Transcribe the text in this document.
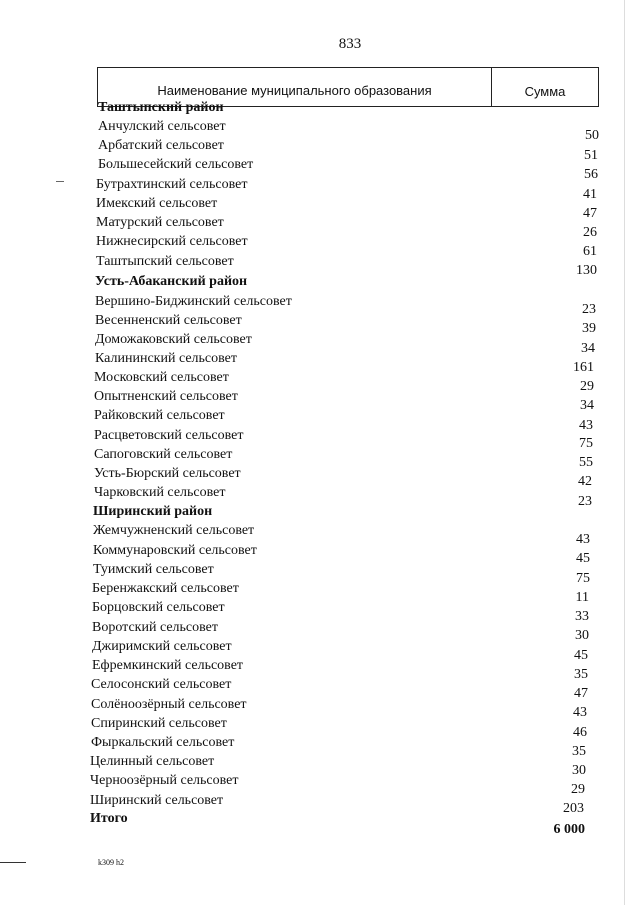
833
Наименование муниципального образования	Сумма
Таштыпский район
Анчулский сельсовет
Арбатский сельсовет
Большесейский сельсовет
Бутрахтинский сельсовет
Имекский сельсовет
Матурский сельсовет
Нижнесирский сельсовет
Таштыпский сельсовет
Усть-Абаканский район
Вершино-Биджинский сельсовет
Весенненский сельсовет
Доможаковский сельсовет
Калининский сельсовет
Московский сельсовет
Опытненский сельсовет
Райковский сельсовет
Расцветовский сельсовет
Сапоговский сельсовет
Усть-Бюрский сельсовет
Чарковский сельсовет
Ширинский район
Жемчужненский сельсовет
Коммунаровский сельсовет
Туимский сельсовет
Беренжакский сельсовет
Борцовский сельсовет
Воротский сельсовет
Джиримский сельсовет
Ефремкинский сельсовет
Селосонский сельсовет
Солёноозёрный сельсовет
Спиринский сельсовет
Фыркальский сельсовет
Целинный сельсовет
Черноозёрный сельсовет
Ширинский сельсовет
Итого
50
51
56
41
47
26
61
130
23
39
34
161
29
34
43
75
55
42
23
43
45
75
11
33
30
45
35
47
43
46
35
30
29
203
6 000
k309 h2
